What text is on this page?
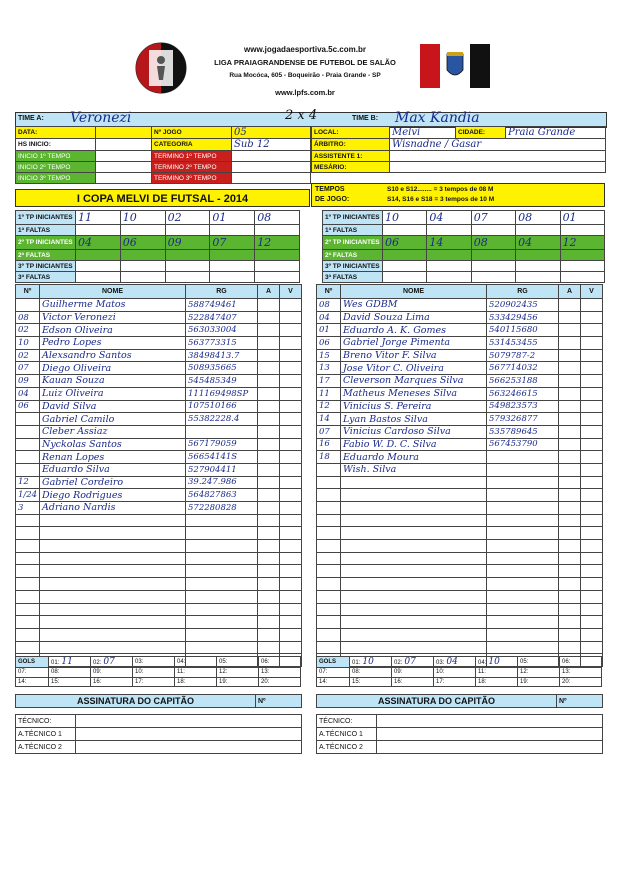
www.jogadaesportiva.5c.com.br
LIGA PRAIAGRANDENSE DE FUTEBOL DE SALÃO
Rua Mocóca, 605 - Boqueirão - Praia Grande - SP
www.lpfs.com.br
TIME A: Veronezi	2 x 4	TIME B: Max Kandia
DATA:		Nº JOGO	05
HS INICIO:		CATEGORIA	Sub 12
INICIO 1º TEMPO		TERMINO 1º TEMPO	
INICIO 2º TEMPO		TERMINO 2º TEMPO	
INICIO 3º TEMPO		TERMINO 3º TEMPO	
I COPA MELVI DE FUTSAL - 2014
LOCAL:	Melvi	CIDADE:	Praia Grande
ÁRBITRO:	Wisnadne / Gasar		
ASSISTENTE 1:			
MESÁRIO:			
TEMPOS
DE JOGO:
S10 e S12........ = 3 tempos de 08 M
S14, S16 e S18 = 3 tempos de 10 M
1º TP INICIANTES	11	10	02	01	08
1ª FALTAS					
2º TP INICIANTES	04	06	09	07	12
2ª FALTAS					
3º TP INICIANTES					
3ª FALTAS					
1º TP INICIANTES	10	04	07	08	01
1ª FALTAS					
2º TP INICIANTES	06	14	08	04	12
2ª FALTAS					
3º TP INICIANTES					
3ª FALTAS					
Nº	NOME	RG	A	V
	Guilherme Matos	588749461		
08	Victor Veronezi	522847407		
02	Edson Oliveira	563033004		
10	Pedro Lopes	563773315		
02	Alexsandro Santos	38498413.7		
07	Diego Oliveira	508935665		
09	Kauan Souza	545485349		
04	Luiz Oliveira	111169498SP		
06	David Silva	107510166		
	Gabriel Camilo	55382228.4		
	Cleber Assiaz			
	Nyckolas Santos	567179059		
	Renan Lopes	56654141S		
	Eduardo Silva	527904411		
12	Gabriel Cordeiro	39.247.986		
1/24	Diego Rodrigues	564827863		
3	Adriano Nardis	572280828		

Nº	NOME	RG	A	V
08	Wes GDBM	520902435		
04	David Souza Lima	533429456		
01	Eduardo A. K. Gomes	540115680		
06	Gabriel Jorge Pimenta	531453455		
15	Breno Vitor F. Silva	5079787-2		
13	Jose Vitor C. Oliveira	567714032		
17	Cleverson Marques Silva	566253188		
11	Matheus Meneses Silva	563246615		
12	Vinicius S. Pereira	549823573		
14	Lyan Bastos Silva	579326877		
07	Vinicius Cardoso Silva	535789645		
16	Fabio W. D. C. Silva	567453790		
18	Eduardo Moura			
	Wish. Silva			

GOLS	01: 11	02: 07	03:	04:	05:	06:
07:	08:	09:	10:	11:	12:	13:
14:	15:	16:	17:	18:	19:	20:
GOLS	01: 10	02: 07	03: 04	04: 10	05:	06:
07:	08:	09:	10:	11:	12:	13:
14:	15:	16:	17:	18:	19:	20:
ASSINATURA DO CAPITÃO		Nº

TÉCNICO:		
A.TÉCNICO 1		
A.TÉCNICO 2		
ASSINATURA DO CAPITÃO		Nº

TÉCNICO:		
A.TÉCNICO 1		
A.TÉCNICO 2		
